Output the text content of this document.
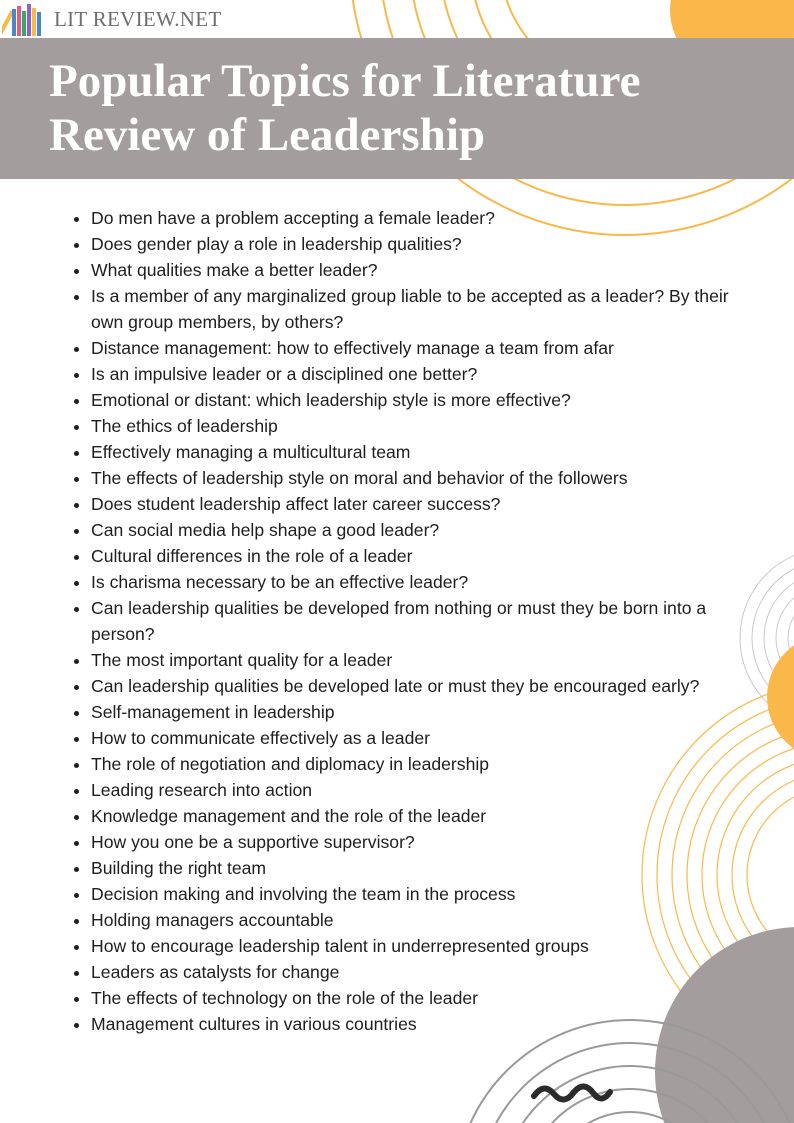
LIT REVIEW.NET
Popular Topics for Literature Review of Leadership
• Do men have a problem accepting a female leader?
• Does gender play a role in leadership qualities?
• What qualities make a better leader?
• Is a member of any marginalized group liable to be accepted as a leader? By their own group members, by others?
• Distance management: how to effectively manage a team from afar
• Is an impulsive leader or a disciplined one better?
• Emotional or distant: which leadership style is more effective?
• The ethics of leadership
• Effectively managing a multicultural team
• The effects of leadership style on moral and behavior of the followers
• Does student leadership affect later career success?
• Can social media help shape a good leader?
• Cultural differences in the role of a leader
• Is charisma necessary to be an effective leader?
• Can leadership qualities be developed from nothing or must they be born into a person?
• The most important quality for a leader
• Can leadership qualities be developed late or must they be encouraged early?
• Self-management in leadership
• How to communicate effectively as a leader
• The role of negotiation and diplomacy in leadership
• Leading research into action
• Knowledge management and the role of the leader
• How you one be a supportive supervisor?
• Building the right team
• Decision making and involving the team in the process
• Holding managers accountable
• How to encourage leadership talent in underrepresented groups
• Leaders as catalysts for change
• The effects of technology on the role of the leader
• Management cultures in various countries
